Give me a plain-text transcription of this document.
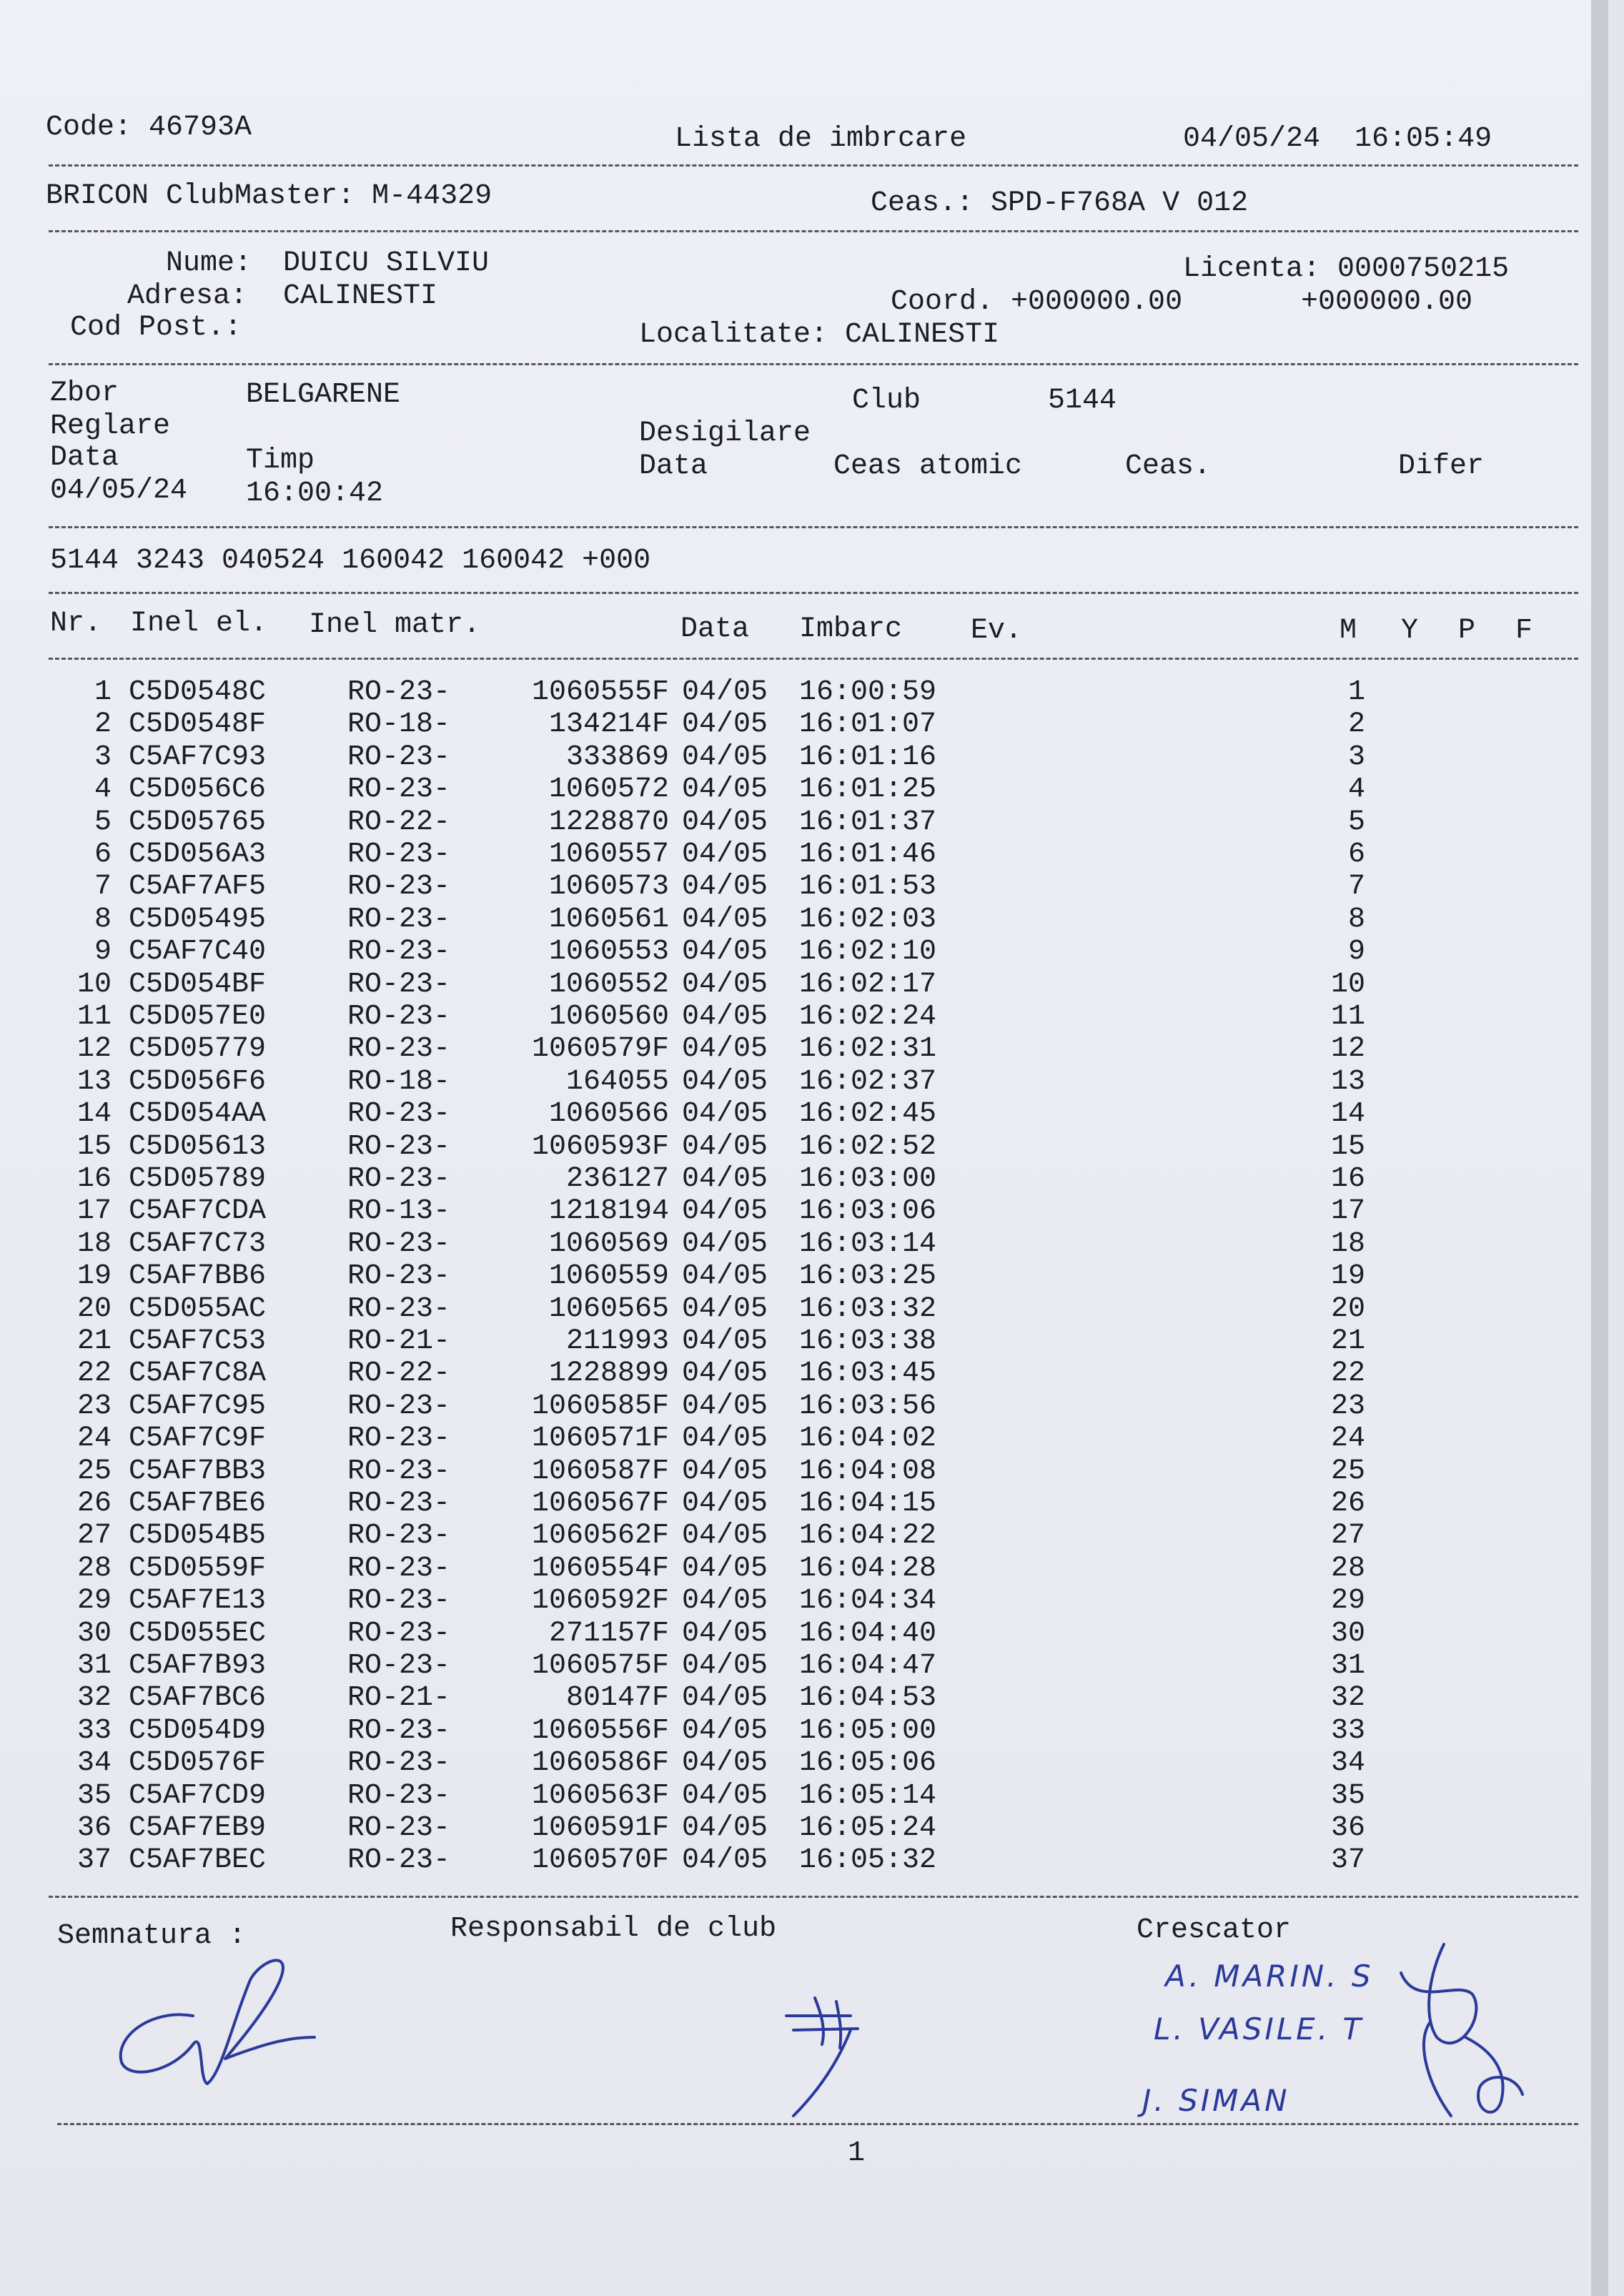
Code: 46793A	Lista de imbrcare	04/05/24  16:05:49
BRICON ClubMaster: M-44329	Ceas.: SPD-F768A V 012
Nume: DUICU SILVIU	Licenta: 0000750215
Adresa: CALINESTI	Coord. +000000.00	+000000.00
Cod Post.:	Localitate: CALINESTI
Zbor	BELGARENE	Club	5144
Reglare	Desigilare
Data	Timp	Data	Ceas atomic	Ceas.	Difer
04/05/24 16:00:42
5144 3243 040524 160042 160042 +000
Nr. Inel el. Inel matr.	Data Imbarc Ev.	M Y P F
1 C5D0548C	RO-23-	1060555F 04/05	16:00:59	1
2 C5D0548F	RO-18-	134214F 04/05	16:01:07	2
3 C5AF7C93	RO-23-	333869 04/05	16:01:16	3
4 C5D056C6	RO-23-	1060572 04/05	16:01:25	4
5 C5D05765	RO-22-	1228870 04/05	16:01:37	5
6 C5D056A3	RO-23-	1060557 04/05	16:01:46	6
7 C5AF7AF5	RO-23-	1060573 04/05	16:01:53	7
8 C5D05495	RO-23-	1060561 04/05	16:02:03	8
9 C5AF7C40	RO-23-	1060553 04/05	16:02:10	9
10 C5D054BF	RO-23-	1060552 04/05	16:02:17	10
11 C5D057E0	RO-23-	1060560 04/05	16:02:24	11
12 C5D05779	RO-23-	1060579F 04/05	16:02:31	12
13 C5D056F6	RO-18-	164055 04/05	16:02:37	13
14 C5D054AA	RO-23-	1060566 04/05	16:02:45	14
15 C5D05613	RO-23-	1060593F 04/05	16:02:52	15
16 C5D05789	RO-23-	236127 04/05	16:03:00	16
17 C5AF7CDA	RO-13-	1218194 04/05	16:03:06	17
18 C5AF7C73	RO-23-	1060569 04/05	16:03:14	18
19 C5AF7BB6	RO-23-	1060559 04/05	16:03:25	19
20 C5D055AC	RO-23-	1060565 04/05	16:03:32	20
21 C5AF7C53	RO-21-	211993 04/05	16:03:38	21
22 C5AF7C8A	RO-22-	1228899 04/05	16:03:45	22
23 C5AF7C95	RO-23-	1060585F 04/05	16:03:56	23
24 C5AF7C9F	RO-23-	1060571F 04/05	16:04:02	24
25 C5AF7BB3	RO-23-	1060587F 04/05	16:04:08	25
26 C5AF7BE6	RO-23-	1060567F 04/05	16:04:15	26
27 C5D054B5	RO-23-	1060562F 04/05	16:04:22	27
28 C5D0559F	RO-23-	1060554F 04/05	16:04:28	28
29 C5AF7E13	RO-23-	1060592F 04/05	16:04:34	29
30 C5D055EC	RO-23-	271157F 04/05	16:04:40	30
31 C5AF7B93	RO-23-	1060575F 04/05	16:04:47	31
32 C5AF7BC6	RO-21-	80147F 04/05	16:04:53	32
33 C5D054D9	RO-23-	1060556F 04/05	16:05:00	33
34 C5D0576F	RO-23-	1060586F 04/05	16:05:06	34
35 C5AF7CD9	RO-23-	1060563F 04/05	16:05:14	35
36 C5AF7EB9	RO-23-	1060591F 04/05	16:05:24	36
37 C5AF7BEC	RO-23-	1060570F 04/05	16:05:32	37
Semnatura :	Responsabil de club	Crescator
A. MARIN. S
L. VASILE. T
J. SIMAN
1
